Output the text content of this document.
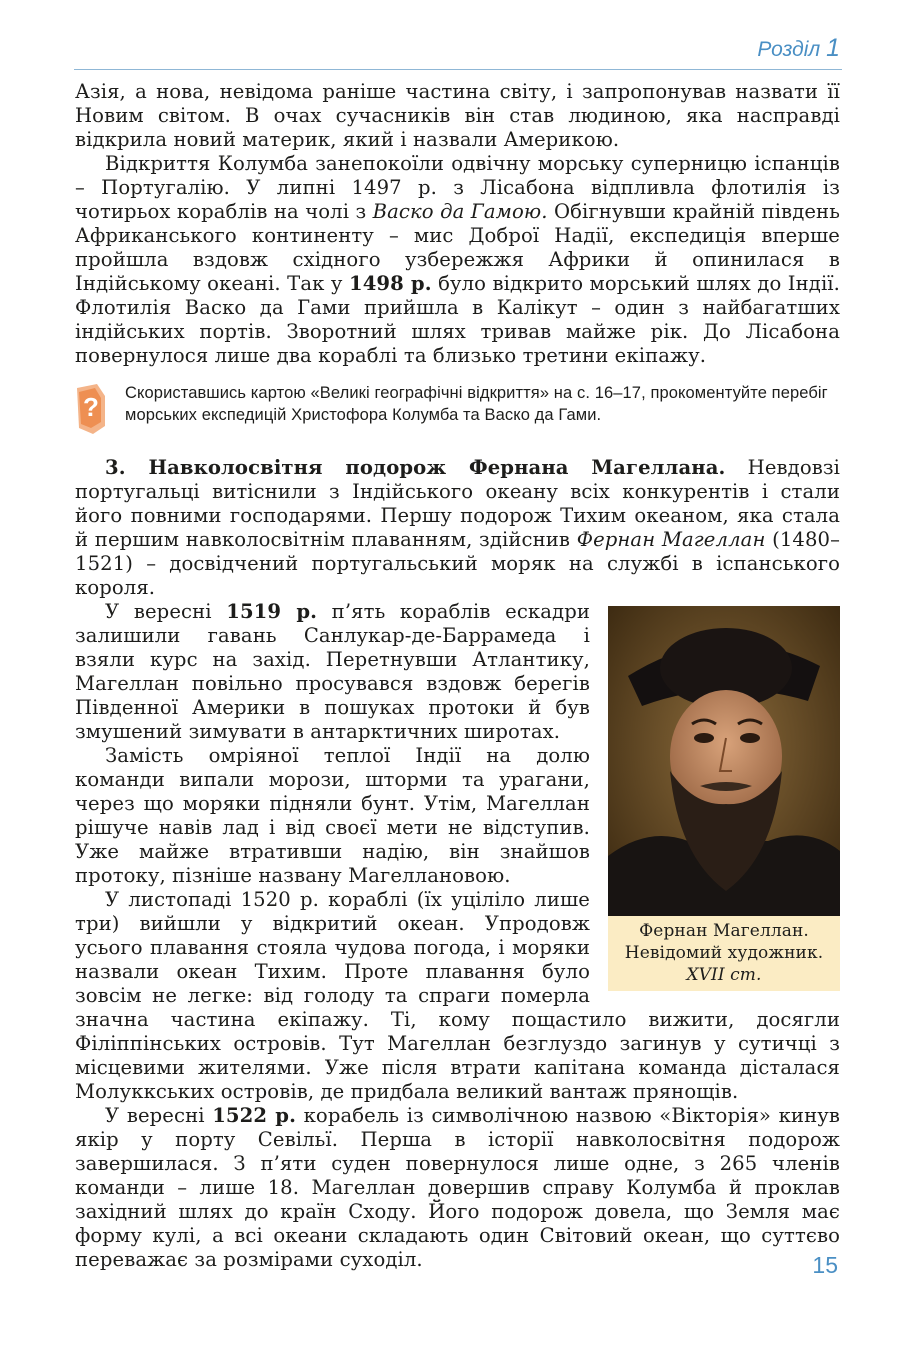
Розділ 1

Азія, а нова, невідома раніше частина світу, і запропонував назвати її Новим світом. В очах сучасників він став людиною, яка насправді відкрила новий материк, який і назвали Америкою.

Відкриття Колумба занепокоїли одвічну морську суперницю іспанців – Португалію. У липні 1497 р. з Лісабона відпливла флотилія із чотирьох кораблів на чолі з Васко да Гамою. Обігнувши крайній південь Африканського континенту – мис Доброї Надії, експедиція вперше пройшла вздовж східного узбережжя Африки й опинилася в Індійському океані. Так у 1498 р. було відкрито морський шлях до Індії. Флотилія Васко да Гами прийшла в Калікут – один з найбагатших індійських портів. Зворотний шлях тривав майже рік. До Лісабона повернулося лише два кораблі та близько третини екіпажу.

? Скориставшись картою «Великі географічні відкриття» на с. 16–17, прокоментуйте перебіг морських експедицій Христофора Колумба та Васко да Гами.

3. Навколосвітня подорож Фернана Магеллана. Невдовзі португальці витіснили з Індійського океану всіх конкурентів і стали його повними господарями. Першу подорож Тихим океаном, яка стала й першим навколосвітнім плаванням, здійснив Фернан Магеллан (1480–1521) – досвідчений португальський моряк на службі в іспанського короля.

Фернан Магеллан.
Невідомий художник.
XVII ст.

У вересні 1519 р. п’ять кораблів ескадри залишили гавань Санлукар-де-Баррамеда і взяли курс на захід. Перетнувши Атлантику, Магеллан повільно просувався вздовж берегів Південної Америки в пошуках протоки й був змушений зимувати в антарктичних широтах.

Замість омріяної теплої Індії на долю команди випали морози, шторми та урагани, через що моряки підняли бунт. Утім, Магеллан рішуче навів лад і від своєї мети не відступив. Уже майже втративши надію, він знайшов протоку, пізніше названу Магеллановою.

У листопаді 1520 р. кораблі (їх уціліло лише три) вийшли у відкритий океан. Упродовж усього плавання стояла чудова погода, і моряки назвали океан Тихим. Проте плавання було зовсім не легке: від голоду та спраги померла значна частина екіпажу. Ті, кому пощастило вижити, досягли Філіппінських островів. Тут Магеллан безглуздо загинув у сутичці з місцевими жителями. Уже після втрати капітана команда дісталася Молуккських островів, де придбала великий вантаж прянощів.

У вересні 1522 р. корабель із символічною назвою «Вікторія» кинув якір у порту Севільї. Перша в історії навколосвітня подорож завершилася. З п’яти суден повернулося лише одне, з 265 членів команди – лише 18. Магеллан довершив справу Колумба й проклав західний шлях до країн Сходу. Його подорож довела, що Земля має форму кулі, а всі океани складають один Світовий океан, що суттєво переважає за розмірами суходіл.	15
